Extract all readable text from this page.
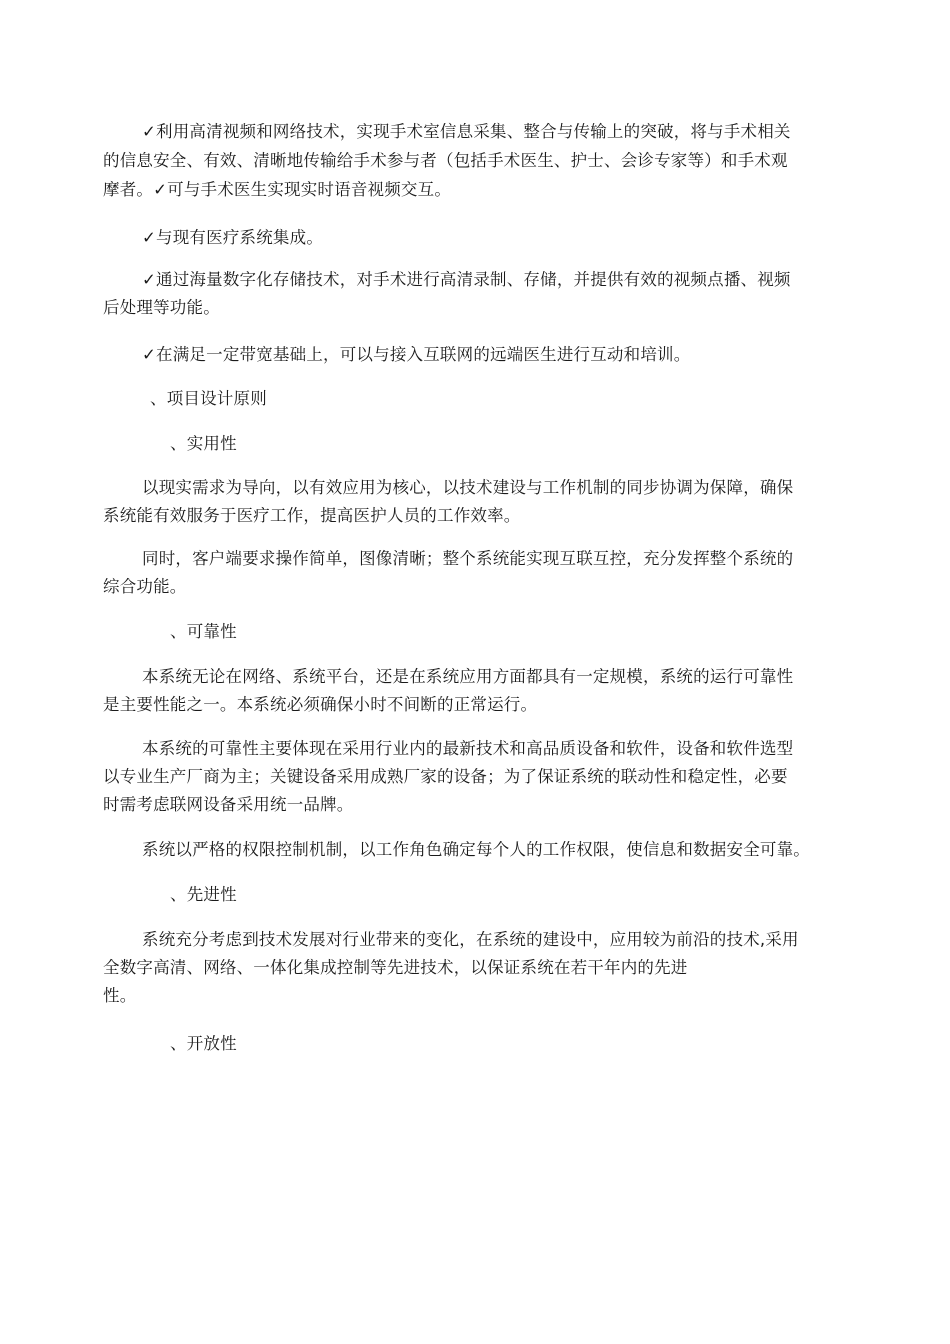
✓利用高清视频和网络技术，实现手术室信息采集、整合与传输上的突破，将与手术相关
的信息安全、有效、清晰地传输给手术参与者（包括手术医生、护士、会诊专家等）和手术观
摩者。✓可与手术医生实现实时语音视频交互。
✓与现有医疗系统集成。
✓通过海量数字化存储技术，对手术进行高清录制、存储，并提供有效的视频点播、视频
后处理等功能。
✓在满足一定带宽基础上，可以与接入互联网的远端医生进行互动和培训。
、项目设计原则
、实用性
以现实需求为导向，以有效应用为核心，以技术建设与工作机制的同步协调为保障，确保
系统能有效服务于医疗工作，提高医护人员的工作效率。
同时，客户端要求操作简单，图像清晰；整个系统能实现互联互控，充分发挥整个系统的
综合功能。
、可靠性
本系统无论在网络、系统平台，还是在系统应用方面都具有一定规模，系统的运行可靠性
是主要性能之一。本系统必须确保小时不间断的正常运行。
本系统的可靠性主要体现在采用行业内的最新技术和高品质设备和软件，设备和软件选型
以专业生产厂商为主；关键设备采用成熟厂家的设备；为了保证系统的联动性和稳定性，必要
时需考虑联网设备采用统一品牌。
系统以严格的权限控制机制，以工作角色确定每个人的工作权限，使信息和数据安全可靠。
、先进性
系统充分考虑到技术发展对行业带来的变化，在系统的建设中，应用较为前沿的技术,采用
全数字高清、网络、一体化集成控制等先进技术，以保证系统在若干年内的先进
性。
、开放性
